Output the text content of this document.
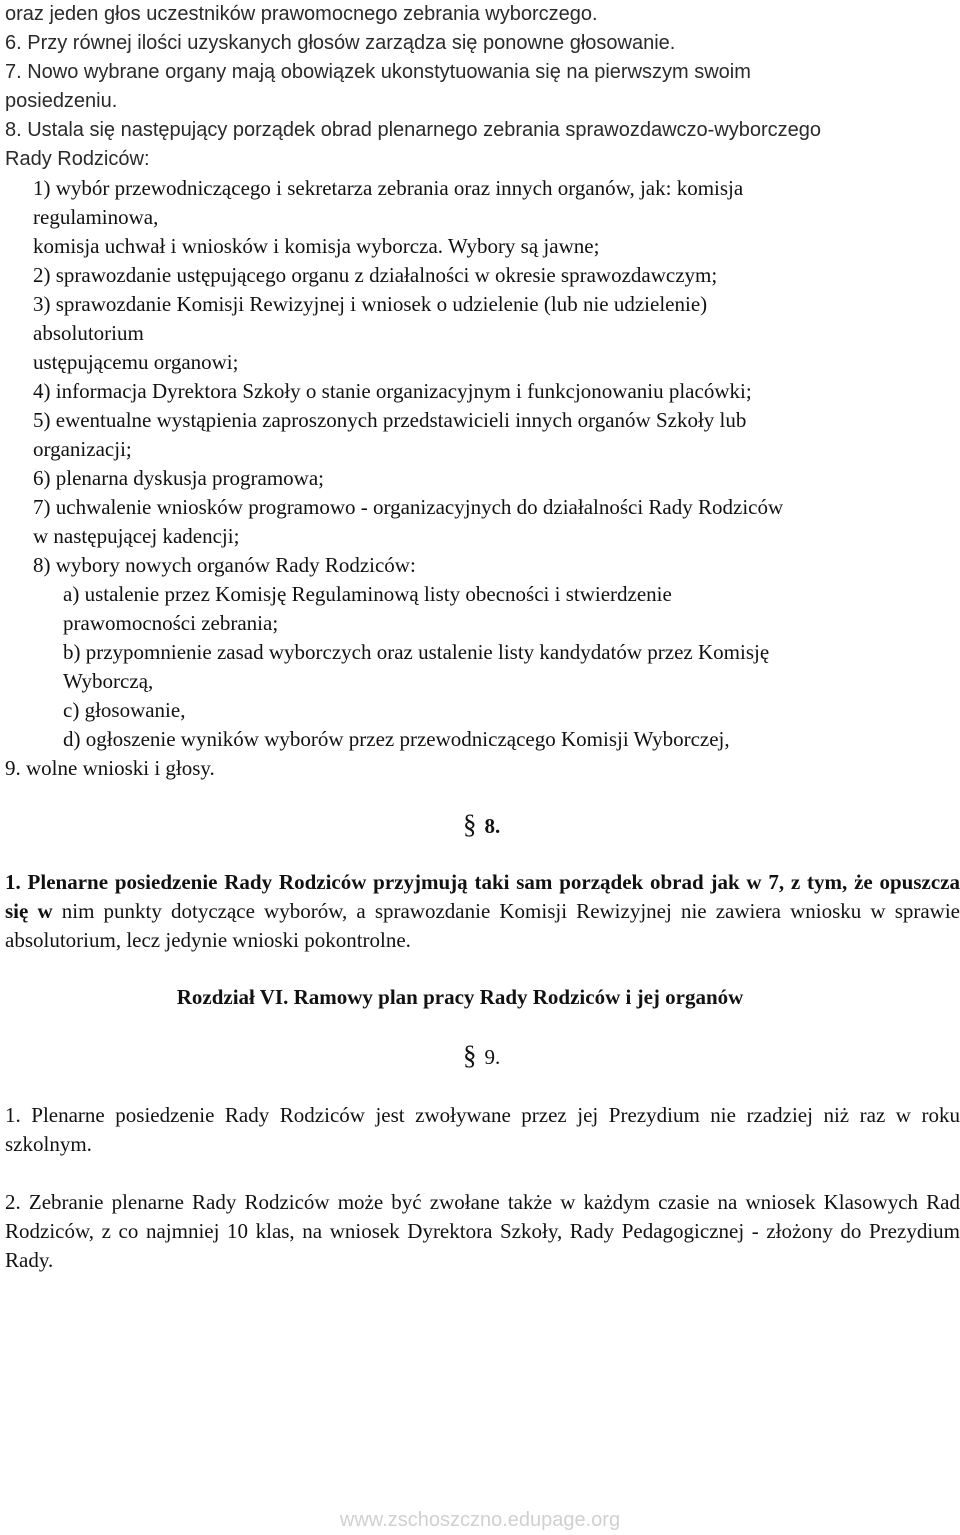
oraz jeden głos uczestników prawomocnego zebrania wyborczego.
6. Przy równej ilości uzyskanych głosów zarządza się ponowne głosowanie.
7. Nowo wybrane organy mają obowiązek ukonstytuowania się na pierwszym swoim
posiedzeniu.
8. Ustala się następujący porządek obrad plenarnego zebrania sprawozdawczo-wyborczego
Rady Rodziców:
1) wybór przewodniczącego i sekretarza zebrania oraz innych organów, jak: komisja
regulaminowa,
komisja uchwał i wniosków i komisja wyborcza. Wybory są jawne;
2) sprawozdanie ustępującego organu z działalności w okresie sprawozdawczym;
3) sprawozdanie Komisji Rewizyjnej i wniosek o udzielenie (lub nie udzielenie)
absolutorium
ustępującemu organowi;
4) informacja Dyrektora Szkoły o stanie organizacyjnym i funkcjonowaniu placówki;
5) ewentualne wystąpienia zaproszonych przedstawicieli innych organów Szkoły lub
organizacji;
6) plenarna dyskusja programowa;
7) uchwalenie wniosków programowo - organizacyjnych do działalności Rady Rodziców
w następującej kadencji;
8) wybory nowych organów Rady Rodziców:
a) ustalenie przez Komisję Regulaminową listy obecności i stwierdzenie
prawomocności zebrania;
b) przypomnienie zasad wyborczych oraz ustalenie listy kandydatów przez Komisję
Wyborczą,
c) głosowanie,
d) ogłoszenie wyników wyborów przez przewodniczącego Komisji Wyborczej,
9. wolne wnioski i głosy.
§ 8.
1. Plenarne posiedzenie Rady Rodziców przyjmują taki sam porządek obrad jak w 7, z tym, że opuszcza się w nim punkty dotyczące wyborów, a sprawozdanie Komisji Rewizyjnej nie zawiera wniosku w sprawie absolutorium, lecz jedynie wnioski pokontrolne.
Rozdział VI. Ramowy plan pracy Rady Rodziców i jej organów
§ 9.
1. Plenarne posiedzenie Rady Rodziców jest zwoływane przez jej Prezydium nie rzadziej niż raz w roku szkolnym.
2. Zebranie plenarne Rady Rodziców może być zwołane także w każdym czasie na wniosek Klasowych Rad Rodziców, z co najmniej 10 klas, na wniosek Dyrektora Szkoły, Rady Pedagogicznej - złożony do Prezydium Rady.
www.zschoszczno.edupage.org
